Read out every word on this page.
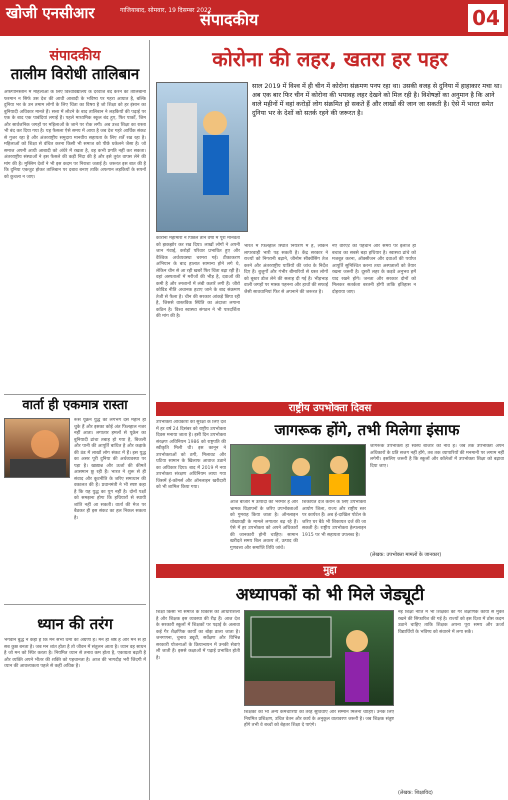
खोजी एनसीआर	गाजियाबाद, सोमवार, 19 दिसम्बर 2022
संपादकीय	04
संपादकीय
तालीम विरोधी तालिबान

अफगानिस्तान में महिलाओं के लिए विश्वविद्यालय के दरवाजे बंद करने का तालिबानी फरमान न सिर्फ उस देश की आधी आबादी के भविष्य पर गहरा आघात है, बल्कि दुनिया भर के उन तमाम लोगों के लिए चिंता का विषय है जो शिक्षा को हर इंसान का बुनियादी अधिकार मानते हैं। सत्ता में लौटने के बाद तालिबान ने लड़कियों की पढ़ाई पर एक के बाद एक पाबंदियां लगाई हैं। पहले माध्यमिक स्कूल बंद हुए, फिर पार्कों, जिम और सार्वजनिक जगहों पर महिलाओं के जाने पर रोक लगी। अब उच्च शिक्षा का रास्ता भी बंद कर दिया गया है। यह फैसला ऐसे समय में आया है जब देश गहरे आर्थिक संकट से गुजर रहा है और अंतरराष्ट्रीय समुदाय मानवीय सहायता के लिए शर्तें रख रहा है। महिलाओं को शिक्षा से वंचित करना किसी भी समाज को पीछे धकेलने जैसा है। जो समाज अपनी आधी आबादी को अंधेरे में रखता है, वह कभी प्रगति नहीं कर सकता। अंतरराष्ट्रीय संस्थाओं ने इस फैसले की कड़ी निंदा की है और इसे तुरंत वापस लेने की मांग की है। मुस्लिम देशों ने भी इस कदम पर निराशा जताई है। जरूरत इस बात की है कि दुनिया एकजुट होकर तालिबान पर दबाव बनाए ताकि अफगान लड़कियों के सपनों को कुचला न जाए।

वार्ता ही एकमात्र रास्ता

रूस यूक्रेन युद्ध को लगभग दस महीने हो चुके हैं और इसका कोई अंत फिलहाल नजर नहीं आता। लगातार हमलों से यूक्रेन का बुनियादी ढांचा तबाह हो गया है, बिजली और पानी की आपूर्ति बाधित है और कड़ाके की ठंड में लाखों लोग संकट में हैं। इस युद्ध का असर पूरी दुनिया की अर्थव्यवस्था पर पड़ा है। खाद्यान्न और ऊर्जा की कीमतें आसमान छू रही हैं। भारत ने शुरू से ही संवाद और कूटनीति के जरिए समाधान की वकालत की है। प्रधानमंत्री ने भी स्पष्ट कहा है कि यह युद्ध का युग नहीं है। दोनों पक्षों को समझना होगा कि हथियारों से स्थायी शांति नहीं आ सकती। वार्ता की मेज पर बैठकर ही इस संकट का हल निकल सकता है।

ध्यान की तरंग

भगवान बुद्ध ने कहा है कि मन सभी धर्मों का अग्रणी है। मन ही श्रेष्ठ है और मन से ही सब कुछ बनता है। जब मन शांत होता है तो जीवन में संतुलन आता है। ध्यान वह साधन है जो मन को स्थिर करता है। नियमित ध्यान से तनाव कम होता है, एकाग्रता बढ़ती है और व्यक्ति अपने भीतर की शक्ति को पहचानता है। आज की भागदौड़ भरी जिंदगी में ध्यान की आवश्यकता पहले से कहीं अधिक है।

कोरोना की लहर, खतरा हर पहर
साल 2019 में विश्व में ही चीन में कोरोना संक्रमण पनप रहा था। उसकी वजह से दुनिया में हाहाकार मचा था। अब एक बार फिर चीन में कोरोना की भयावह लहर देखने को मिल रही है। विशेषज्ञों का अनुमान है कि आने वाले महीनों में वहां करोड़ों लोग संक्रमित हो सकते हैं और लाखों की जान जा सकती है। ऐसे में भारत समेत दुनिया भर के देशों को सतर्क रहने की जरूरत है।

कोरोना महामारी ने पिछले तीन वर्षों में पूरी मानवता को झकझोर कर रख दिया। लाखों लोगों ने अपनी जान गंवाई, करोड़ों परिवार प्रभावित हुए और वैश्विक अर्थव्यवस्था चरमरा गई। टीकाकरण अभियान के बाद हालात सामान्य होने लगे थे, लेकिन चीन से आ रही खबरें फिर चिंता बढ़ा रही हैं। वहां अस्पतालों में मरीजों की भीड़ है, दवाओं की कमी है और श्मशानों में लंबी कतारें लगी हैं। जीरो कोविड नीति अचानक हटाए जाने के बाद संक्रमण तेजी से फैला है। चीन की सरकार आंकड़े छिपा रही है, जिससे वास्तविक स्थिति का अंदाजा लगाना कठिन है। विश्व स्वास्थ्य संगठन ने भी पारदर्शिता की मांग की है।

भारत में फिलहाल स्थिति नियंत्रण में है, लेकिन लापरवाही भारी पड़ सकती है। केंद्र सरकार ने राज्यों को निगरानी बढ़ाने, जीनोम सीक्वेंसिंग तेज करने और अंतरराष्ट्रीय यात्रियों की जांच के निर्देश दिए हैं। बुजुर्गों और गंभीर बीमारियों से ग्रस्त लोगों को बूस्टर डोज लेने की सलाह दी गई है। भीड़भाड़ वाली जगहों पर मास्क पहनना और हाथों की सफाई जैसी सावधानियां फिर से अपनाने की जरूरत है।

नए वेरिएंट की पहचान और समय पर इलाज ही बचाव का सबसे बड़ा हथियार है। स्वास्थ्य ढांचे को मजबूत करना, ऑक्सीजन और दवाओं की पर्याप्त आपूर्ति सुनिश्चित करना तथा अस्पतालों को तैयार रखना जरूरी है। दूसरी लहर के कड़वे अनुभव हमें याद रखने होंगे। जनता और सरकार दोनों को मिलकर सतर्कता बरतनी होगी ताकि इतिहास न दोहराया जाए।

राष्ट्रीय उपभोक्ता दिवस
जागरूक होंगे, तभी मिलेगा इंसाफ

उपभोक्ता अधिकारों की सुरक्षा के लिए देश में हर वर्ष 24 दिसंबर को राष्ट्रीय उपभोक्ता दिवस मनाया जाता है। इसी दिन उपभोक्ता संरक्षण अधिनियम 1986 को राष्ट्रपति की स्वीकृति मिली थी। इस कानून ने उपभोक्ताओं को ठगी, मिलावट और घटिया सामान के खिलाफ आवाज उठाने का अधिकार दिया। बाद में 2019 में नया उपभोक्ता संरक्षण अधिनियम लाया गया जिसमें ई-कॉमर्स और ऑनलाइन खरीदारी को भी शामिल किया गया।

जागरूक उपभोक्ता ही स्वस्थ बाजार की नींव है। जब तक उपभोक्ता अपने अधिकारों के प्रति सजग नहीं होंगे, तब तक व्यापारियों की मनमानी पर लगाम नहीं लगेगी। इसलिए जरूरी है कि स्कूलों और कॉलेजों में उपभोक्ता शिक्षा को बढ़ावा दिया जाए।

आज बाजार में उत्पादों की भरमार है और भ्रामक विज्ञापनों के जरिए उपभोक्ताओं को गुमराह किया जाता है। ऑनलाइन धोखाधड़ी के मामले लगातार बढ़ रहे हैं। ऐसे में हर उपभोक्ता को अपने अधिकारों की जानकारी होनी चाहिए। सामान खरीदते समय बिल अवश्य लें, उत्पाद की गुणवत्ता और समाप्ति तिथि जांचें।

शिकायत दर्ज कराने के लिए उपभोक्ता आयोग जिला, राज्य और राष्ट्रीय स्तर पर कार्यरत हैं। अब ई-दाखिल पोर्टल के जरिए घर बैठे भी शिकायत दर्ज की जा सकती है। राष्ट्रीय उपभोक्ता हेल्पलाइन 1915 पर भी सहायता उपलब्ध है।

(लेखक: उपभोक्ता मामलों के जानकार)
मुद्दा
अध्यापकों को भी मिले जेड्यूटी

शिक्षा किसी भी समाज के विकास की आधारशिला है और शिक्षक इस व्यवस्था की रीढ़ हैं। आज देश के सरकारी स्कूलों में शिक्षकों पर पढ़ाई के अलावा कई गैर शैक्षणिक कार्यों का बोझ डाला जाता है। जनगणना, चुनाव ड्यूटी, सर्वेक्षण और विभिन्न सरकारी योजनाओं के क्रियान्वयन में उनकी सेवाएं ली जाती हैं। इससे कक्षाओं में पढ़ाई प्रभावित होती है।

नई शिक्षा नीति में भी शिक्षकों को गैर शैक्षणिक कार्यों से मुक्त रखने की सिफारिश की गई है। राज्यों को इस दिशा में ठोस कदम उठाने चाहिए ताकि शिक्षक अपना पूरा समय और ऊर्जा विद्यार्थियों के भविष्य को संवारने में लगा सकें।

शिक्षकों को भी अन्य कर्मचारियों की तरह सुविधाएं और सम्मान मिलना चाहिए। उनके लिए नियमित प्रशिक्षण, उचित वेतन और कार्य के अनुकूल वातावरण जरूरी है। जब शिक्षक संतुष्ट होंगे तभी वे बच्चों को बेहतर शिक्षा दे पाएंगे।

(लेखक: शिक्षाविद)
